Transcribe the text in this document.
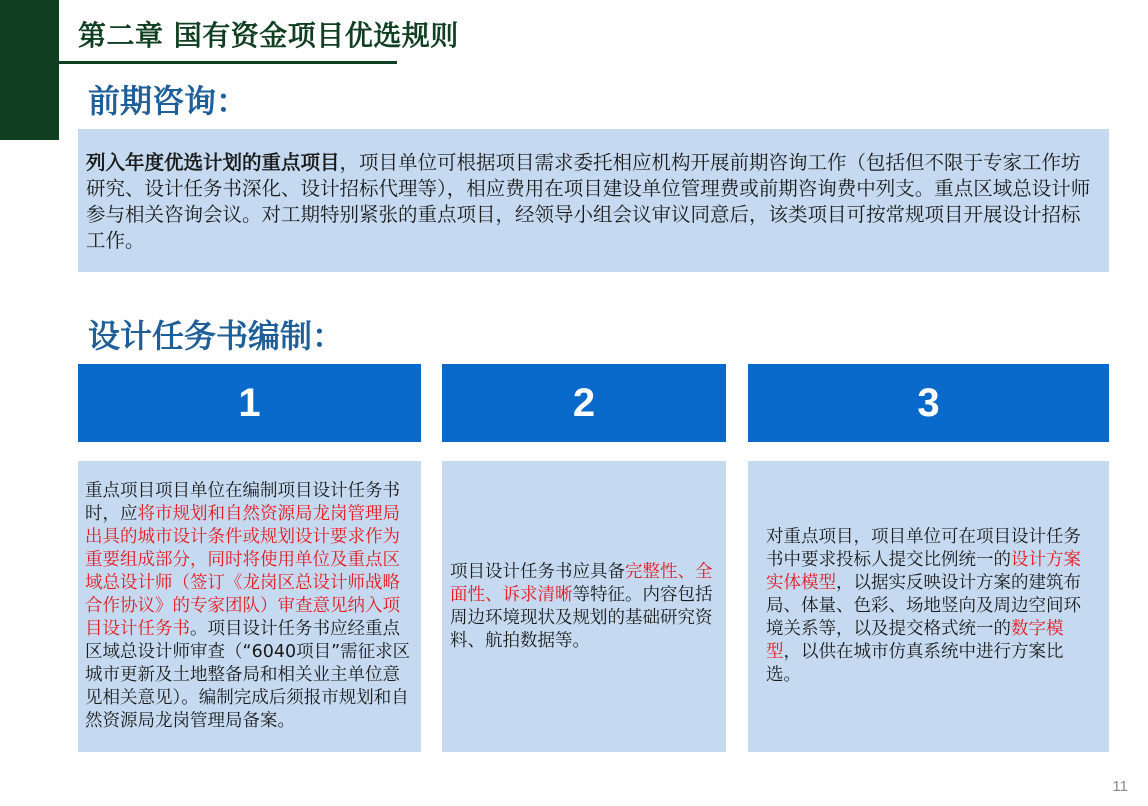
第二章 国有资金项目优选规则
前期咨询：
列入年度优选计划的重点项目，项目单位可根据项目需求委托相应机构开展前期咨询工作（包括但不限于专家工作坊研究、设计任务书深化、设计招标代理等），相应费用在项目建设单位管理费或前期咨询费中列支。重点区域总设计师参与相关咨询会议。对工期特别紧张的重点项目，经领导小组会议审议同意后，该类项目可按常规项目开展设计招标工作。
设计任务书编制：
1	2	3

重点项目项目单位在编制项目设计任务书时，应将市规划和自然资源局龙岗管理局出具的城市设计条件或规划设计要求作为重要组成部分，同时将使用单位及重点区域总设计师（签订《龙岗区总设计师战略合作协议》的专家团队）审查意见纳入项目设计任务书。项目设计任务书应经重点区域总设计师审查（“6040项目”需征求区城市更新及土地整备局和相关业主单位意见相关意见）。编制完成后须报市规划和自然资源局龙岗管理局备案。

项目设计任务书应具备完整性、全面性、诉求清晰等特征。内容包括周边环境现状及规划的基础研究资料、航拍数据等。

对重点项目，项目单位可在项目设计任务书中要求投标人提交比例统一的设计方案实体模型，以据实反映设计方案的建筑布局、体量、色彩、场地竖向及周边空间环境关系等，以及提交格式统一的数字模型，以供在城市仿真系统中进行方案比选。

11
